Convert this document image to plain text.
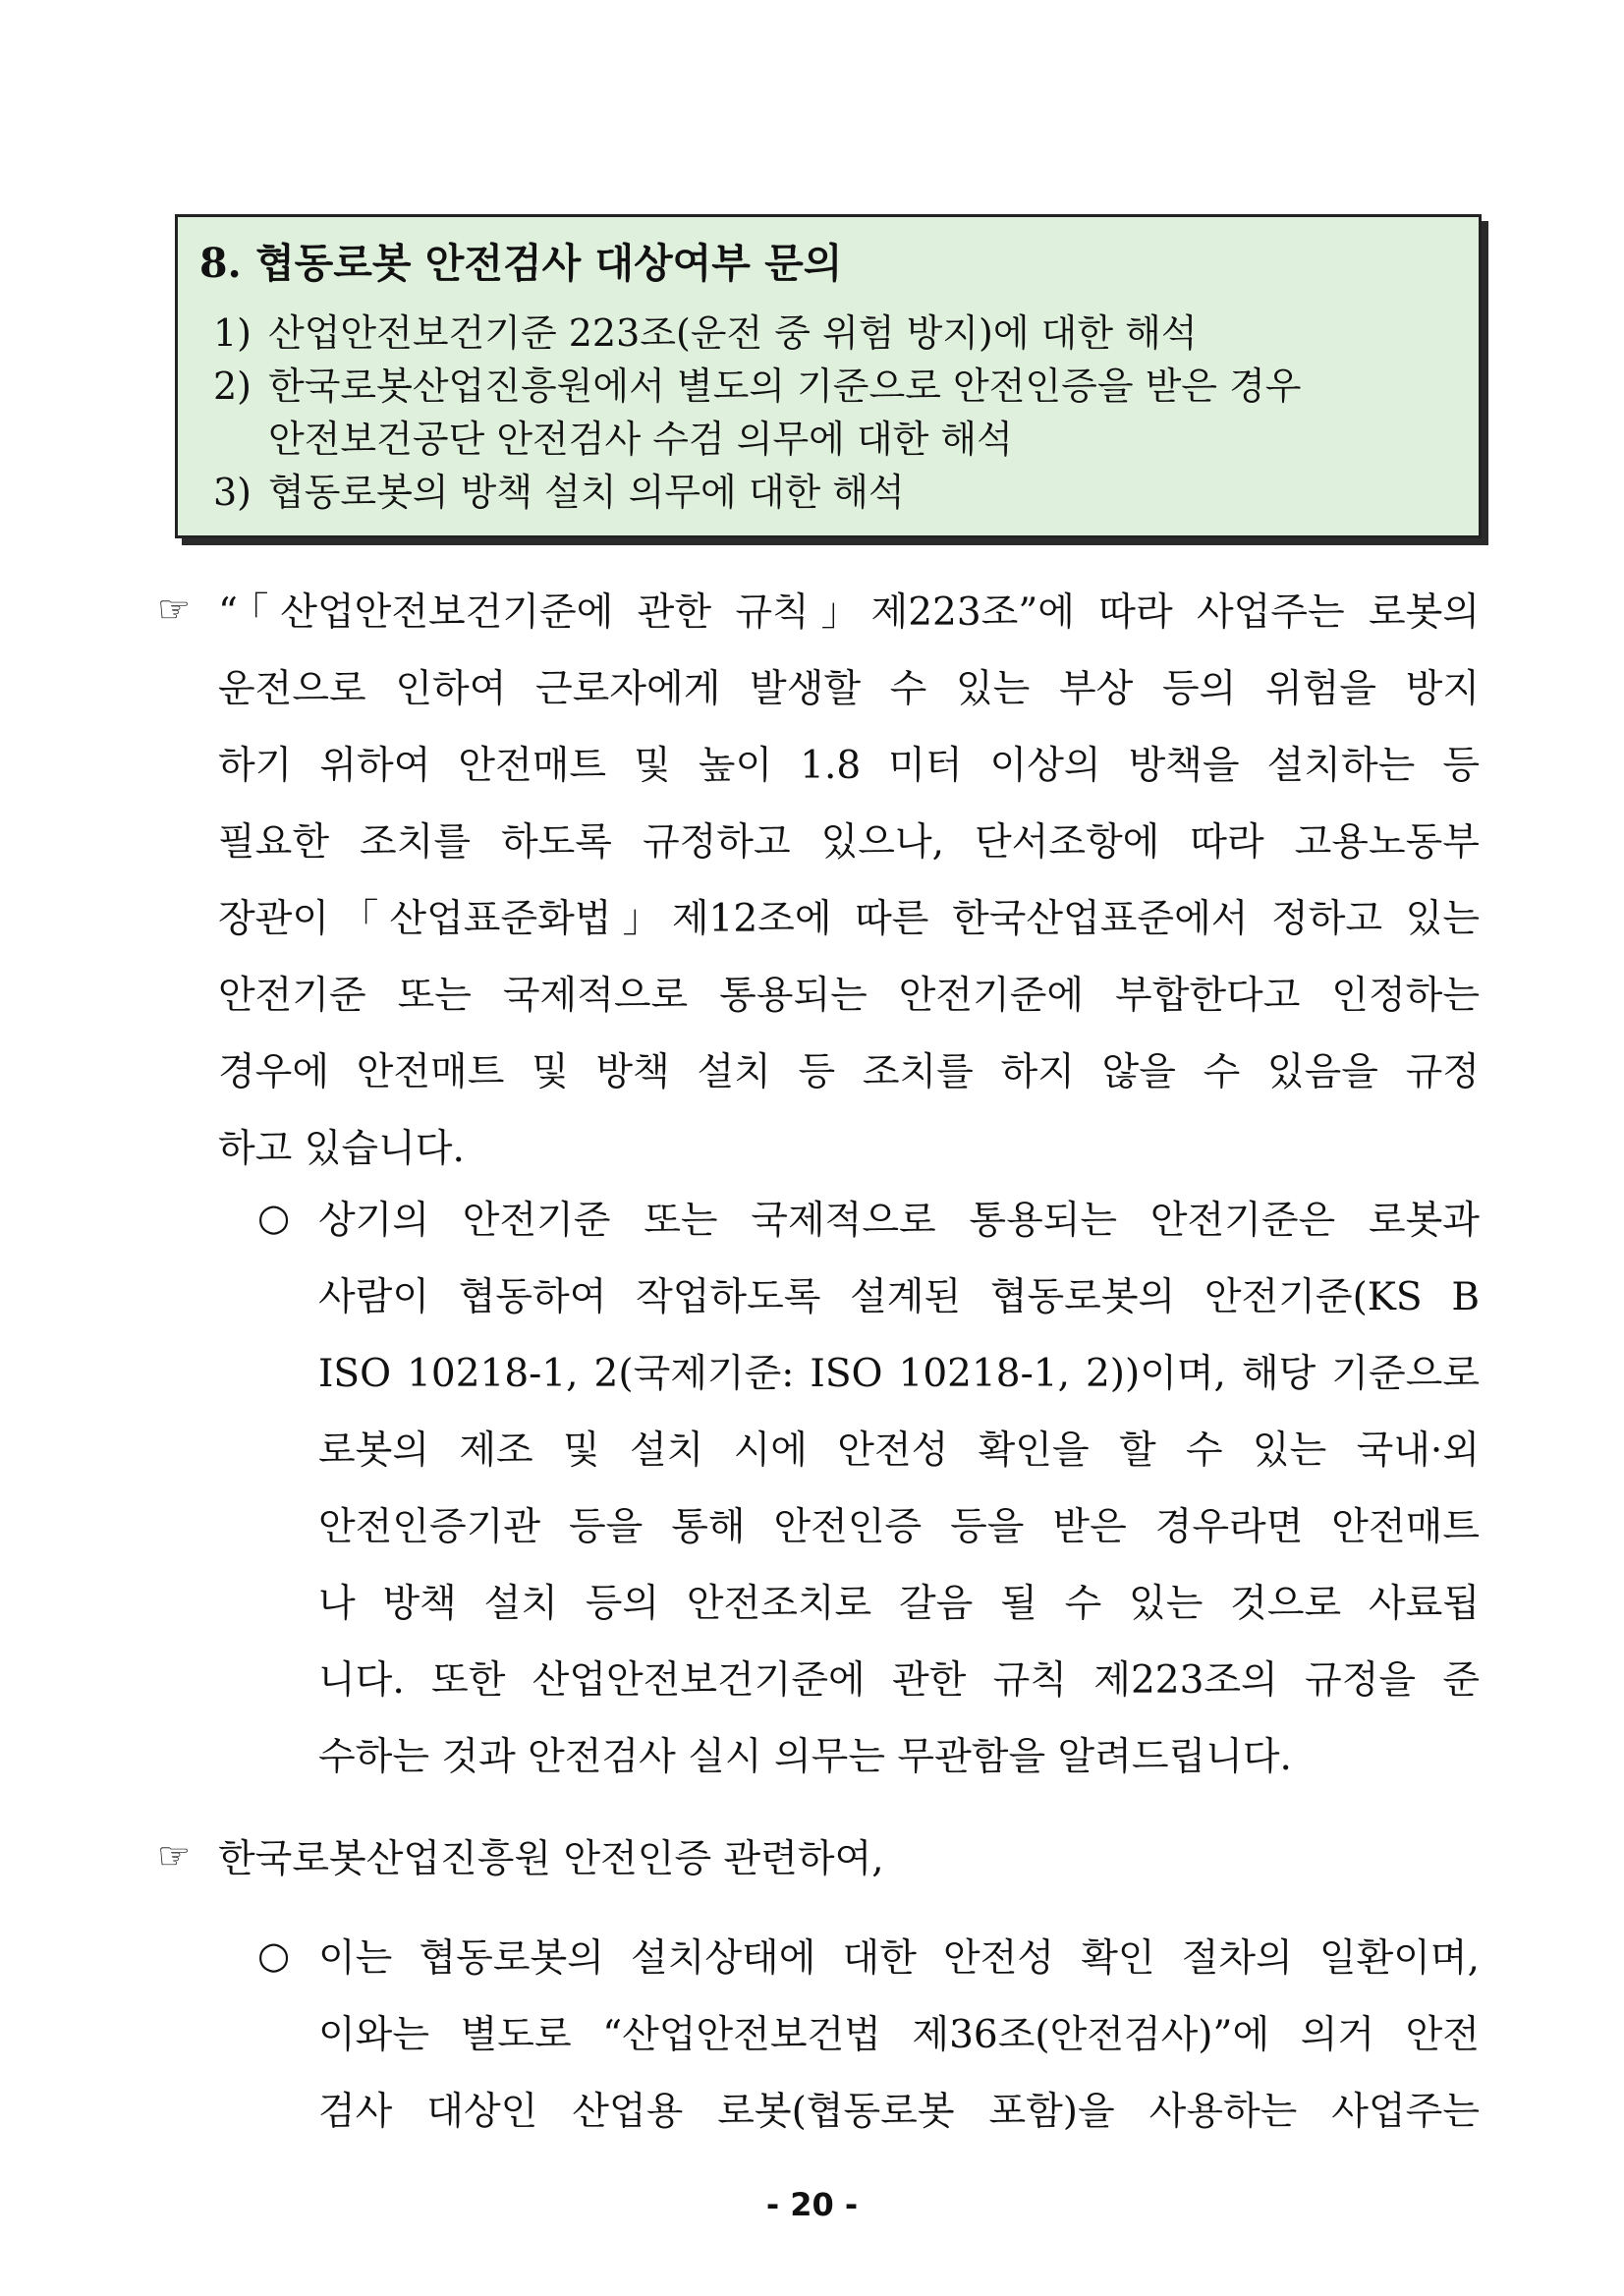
8. 협동로봇 안전검사 대상여부 문의
1) 산업안전보건기준 223조(운전 중 위험 방지)에 대한 해석
2) 한국로봇산업진흥원에서 별도의 기준으로 안전인증을 받은 경우
안전보건공단 안전검사 수검 의무에 대한 해석
3) 협동로봇의 방책 설치 의무에 대한 해석
☞ “「산업안전보건기준에 관한 규칙」제223조”에 따라 사업주는 로봇의
운전으로 인하여 근로자에게 발생할 수 있는 부상 등의 위험을 방지
하기 위하여 안전매트 및 높이 1.8 미터 이상의 방책을 설치하는 등
필요한 조치를 하도록 규정하고 있으나, 단서조항에 따라 고용노동부
장관이「산업표준화법」제12조에 따른 한국산업표준에서 정하고 있는
안전기준 또는 국제적으로 통용되는 안전기준에 부합한다고 인정하는
경우에 안전매트 및 방책 설치 등 조치를 하지 않을 수 있음을 규정
하고 있습니다.
○ 상기의 안전기준 또는 국제적으로 통용되는 안전기준은 로봇과
사람이 협동하여 작업하도록 설계된 협동로봇의 안전기준(KS B
ISO 10218-1, 2(국제기준: ISO 10218-1, 2))이며, 해당 기준으로
로봇의 제조 및 설치 시에 안전성 확인을 할 수 있는 국내·외
안전인증기관 등을 통해 안전인증 등을 받은 경우라면 안전매트
나 방책 설치 등의 안전조치로 갈음 될 수 있는 것으로 사료됩
니다. 또한 산업안전보건기준에 관한 규칙 제223조의 규정을 준
수하는 것과 안전검사 실시 의무는 무관함을 알려드립니다.
☞ 한국로봇산업진흥원 안전인증 관련하여,
○ 이는 협동로봇의 설치상태에 대한 안전성 확인 절차의 일환이며,
이와는 별도로 “산업안전보건법 제36조(안전검사)”에 의거 안전
검사 대상인 산업용 로봇(협동로봇 포함)을 사용하는 사업주는
- 20 -
